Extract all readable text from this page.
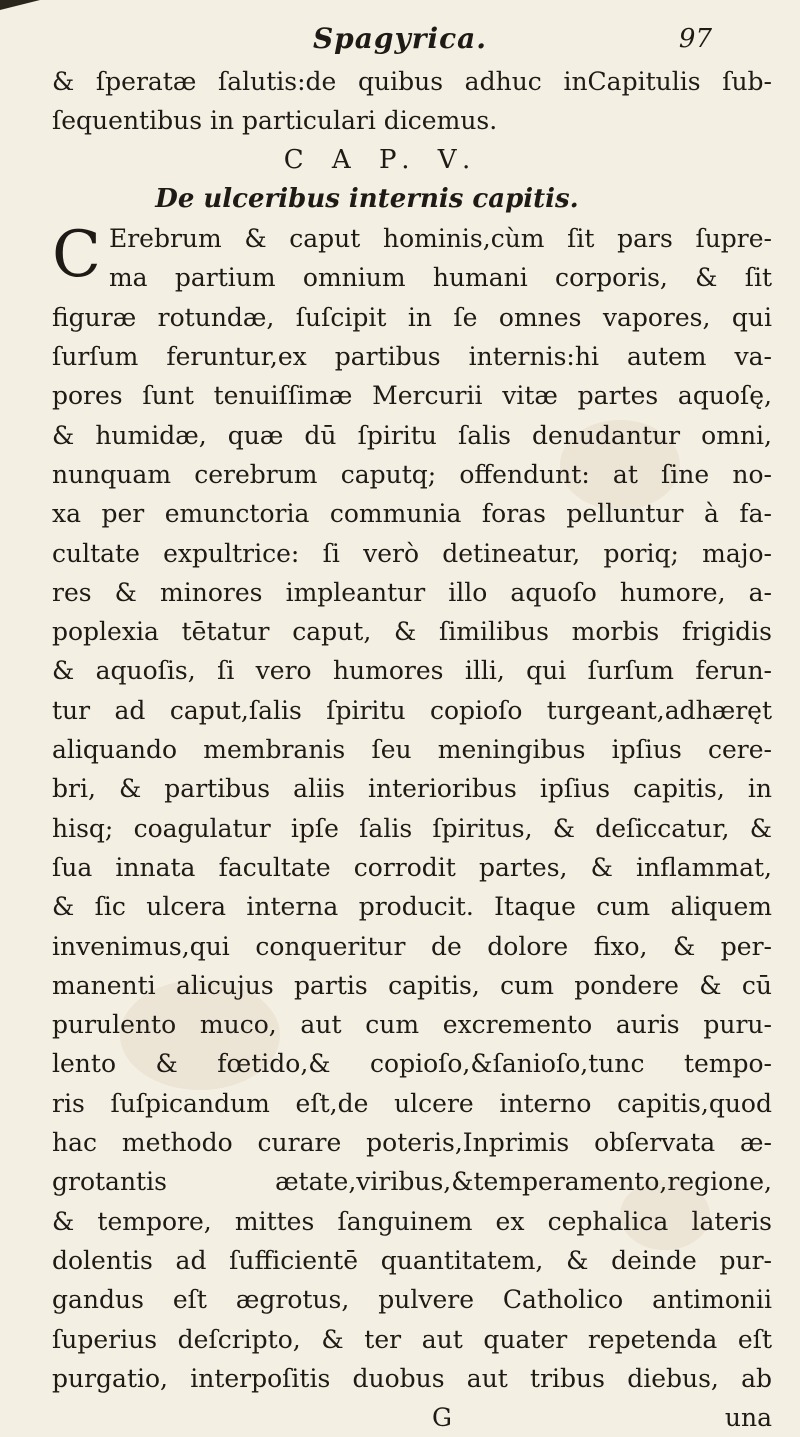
Spagyrica.	97
& ſperatæ ſalutis:de quibus adhuc inCapitulis ſub-
ſequentibus in particulari dicemus.
C A P. V.
De ulceribus internis capitis.
C Erebrum & caput hominis,cùm ſit pars ſupre-
ma partium omnium humani corporis, & ſit
figuræ rotundæ, ſuſcipit in ſe omnes vapores, qui
ſurſum feruntur,ex partibus internis:hi autem va-
pores ſunt tenuiſſimæ Mercurii vitæ partes aquoſę,
& humidæ, quæ dū ſpiritu ſalis denudantur omni,
nunquam cerebrum caputq; offendunt: at ſine no-
xa per emunctoria communia foras pelluntur à fa-
cultate expultrice: ſi verò detineatur, poriq; majo-
res & minores impleantur illo aquoſo humore, a-
poplexia tētatur caput, & ſimilibus morbis frigidis
& aquoſis, ſi vero humores illi, qui ſurſum ferun-
tur ad caput,ſalis ſpiritu copioſo turgeant,adhæręt
aliquando membranis ſeu meningibus ipſius cere-
bri, & partibus aliis interioribus ipſius capitis, in
hisq; coagulatur ipſe ſalis ſpiritus, & deſiccatur, &
ſua innata facultate corrodit partes, & inflammat,
& ſic ulcera interna producit. Itaque cum aliquem
invenimus,qui conqueritur de dolore fixo, & per-
manenti alicujus partis capitis, cum pondere & cū
purulento muco, aut cum excremento auris puru-
lento & fœtido,& copioſo,&ſanioſo,tunc tempo-
ris ſuſpicandum eſt,de ulcere interno capitis,quod
hac methodo curare poteris,Inprimis obſervata æ-
grotantis ætate,viribus,&temperamento,regione,
& tempore, mittes ſanguinem ex cephalica lateris
dolentis ad ſufficientē quantitatem, & deinde pur-
gandus eſt ægrotus, pulvere Catholico antimonii
ſuperius deſcripto, & ter aut quater repetenda eſt
purgatio, interpoſitis duobus aut tribus diebus, ab
G	una
